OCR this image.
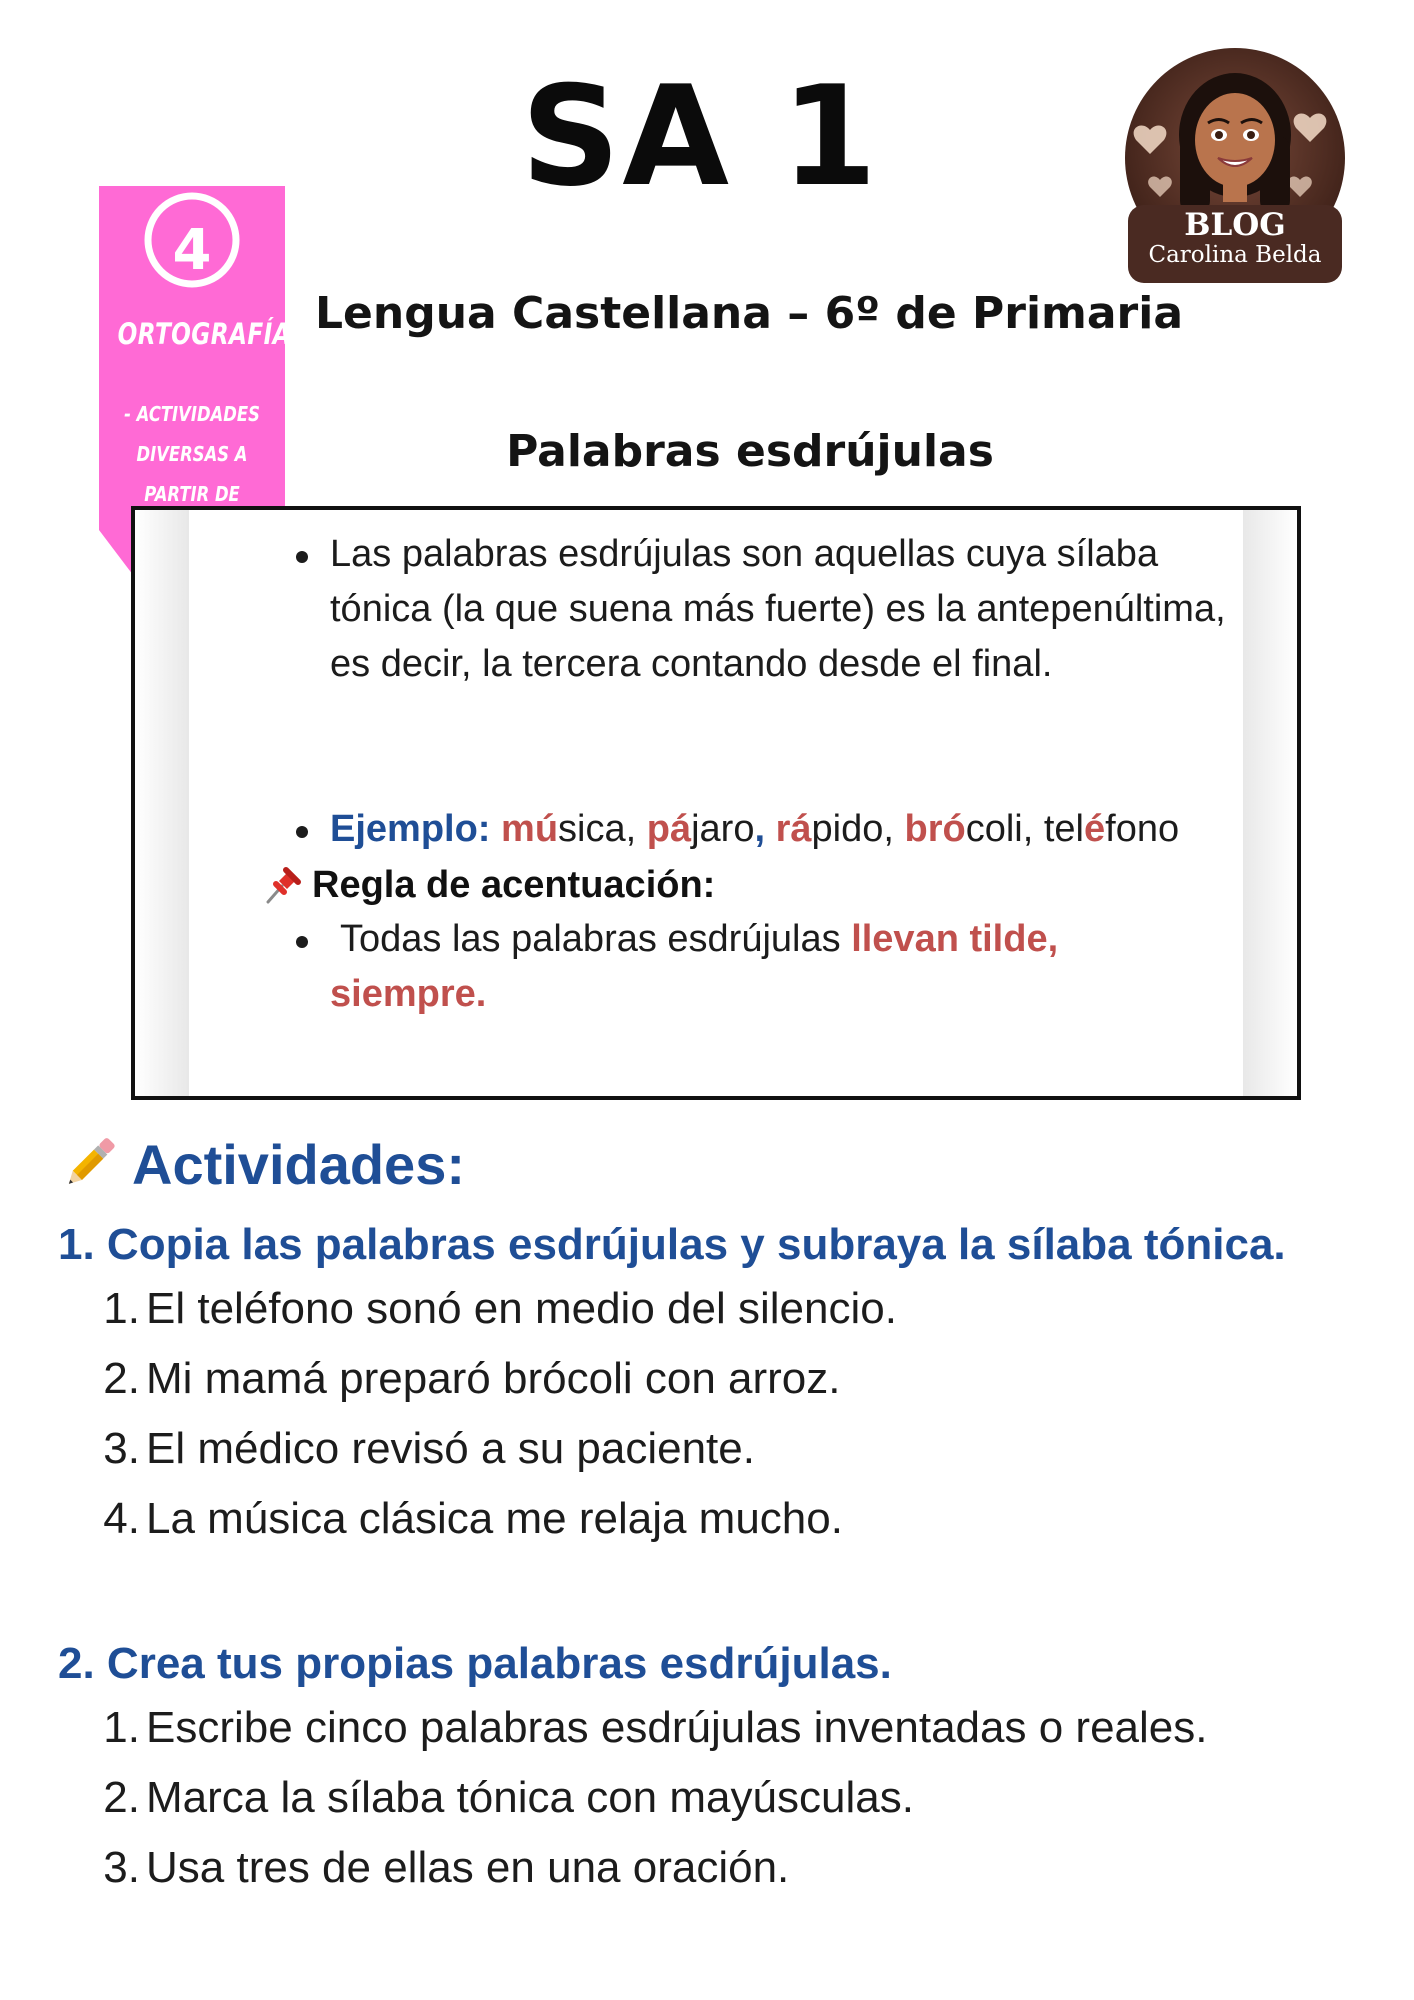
SA 1
4
ORTOGRAFÍA
- ACTIVIDADES
DIVERSAS A PARTIR DE
BLOG
Carolina Belda
Lengua Castellana – 6º de Primaria
Palabras esdrújulas
Las palabras esdrújulas son aquellas cuya sílaba tónica (la que suena más fuerte) es la antepenúltima, es decir, la tercera contando desde el final.
Ejemplo: música, pájaro, rápido, brócoli, teléfono
Regla de acentuación:
Todas las palabras esdrújulas llevan tilde,
siempre.
Actividades:
1. Copia las palabras esdrújulas y subraya la sílaba tónica.
1. El teléfono sonó en medio del silencio.
2. Mi mamá preparó brócoli con arroz.
3. El médico revisó a su paciente.
4. La música clásica me relaja mucho.
2. Crea tus propias palabras esdrújulas.
1. Escribe cinco palabras esdrújulas inventadas o reales.
2. Marca la sílaba tónica con mayúsculas.
3. Usa tres de ellas en una oración.
